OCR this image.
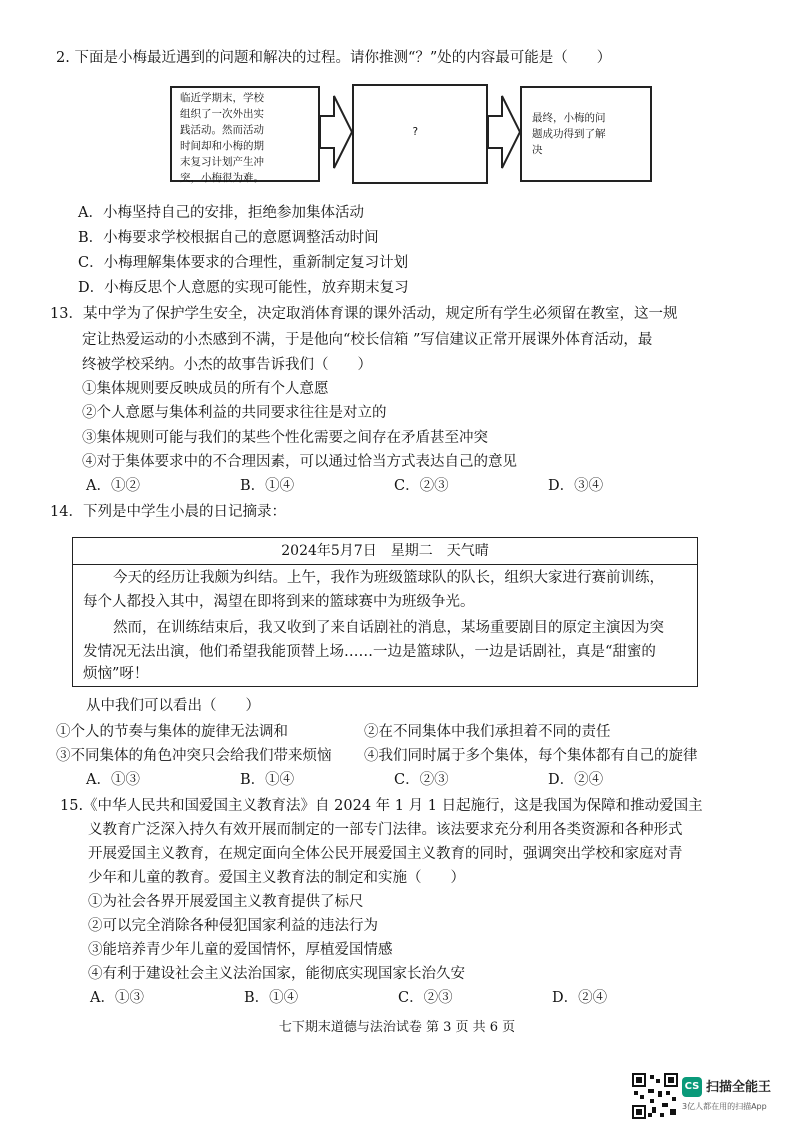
2. 下面是小梅最近遇到的问题和解决的过程。请你推测“？”处的内容最可能是（　　）
临近学期末，学校
组织了一次外出实
践活动。然而活动
时间却和小梅的期
末复习计划产生冲
突，小梅很为难。
?
最终，小梅的问
题成功得到了解
决
A．小梅坚持自己的安排，拒绝参加集体活动
B．小梅要求学校根据自己的意愿调整活动时间
C．小梅理解集体要求的合理性，重新制定复习计划
D．小梅反思个人意愿的实现可能性，放弃期末复习
13．某中学为了保护学生安全，决定取消体育课的课外活动，规定所有学生必须留在教室，这一规
定让热爱运动的小杰感到不满，于是他向“校长信箱 ”写信建议正常开展课外体育活动，最
终被学校采纳。小杰的故事告诉我们（　　）
①集体规则要反映成员的所有个人意愿
②个人意愿与集体利益的共同要求往往是对立的
③集体规则可能与我们的某些个性化需要之间存在矛盾甚至冲突
④对于集体要求中的不合理因素，可以通过恰当方式表达自己的意见
A．①②	B．①④	C．②③	D．③④
14．下列是中学生小晨的日记摘录：
2024年5月7日　星期二　天气晴
今天的经历让我颇为纠结。上午，我作为班级篮球队的队长，组织大家进行赛前训练，
每个人都投入其中，渴望在即将到来的篮球赛中为班级争光。
然而，在训练结束后，我又收到了来自话剧社的消息，某场重要剧目的原定主演因为突
发情况无法出演，他们希望我能顶替上场……一边是篮球队，一边是话剧社，真是“甜蜜的
烦恼”呀！
从中我们可以看出（　　）
①个人的节奏与集体的旋律无法调和	②在不同集体中我们承担着不同的责任
③不同集体的角色冲突只会给我们带来烦恼 ④我们同时属于多个集体，每个集体都有自己的旋律
A．①③	B．①④	C．②③	D．②④
15.《中华人民共和国爱国主义教育法》自 2024 年 1 月 1 日起施行，这是我国为保障和推动爱国主
义教育广泛深入持久有效开展而制定的一部专门法律。该法要求充分利用各类资源和各种形式
开展爱国主义教育，在规定面向全体公民开展爱国主义教育的同时，强调突出学校和家庭对青
少年和儿童的教育。爱国主义教育法的制定和实施（　　）
①为社会各界开展爱国主义教育提供了标尺
②可以完全消除各种侵犯国家利益的违法行为
③能培养青少年儿童的爱国情怀，厚植爱国情感
④有利于建设社会主义法治国家，能彻底实现国家长治久安
A．①③	B．①④	C．②③	D．②④
七下期末道德与法治试卷 第 3 页 共 6 页
CS 扫描全能王
3亿人都在用的扫描App
